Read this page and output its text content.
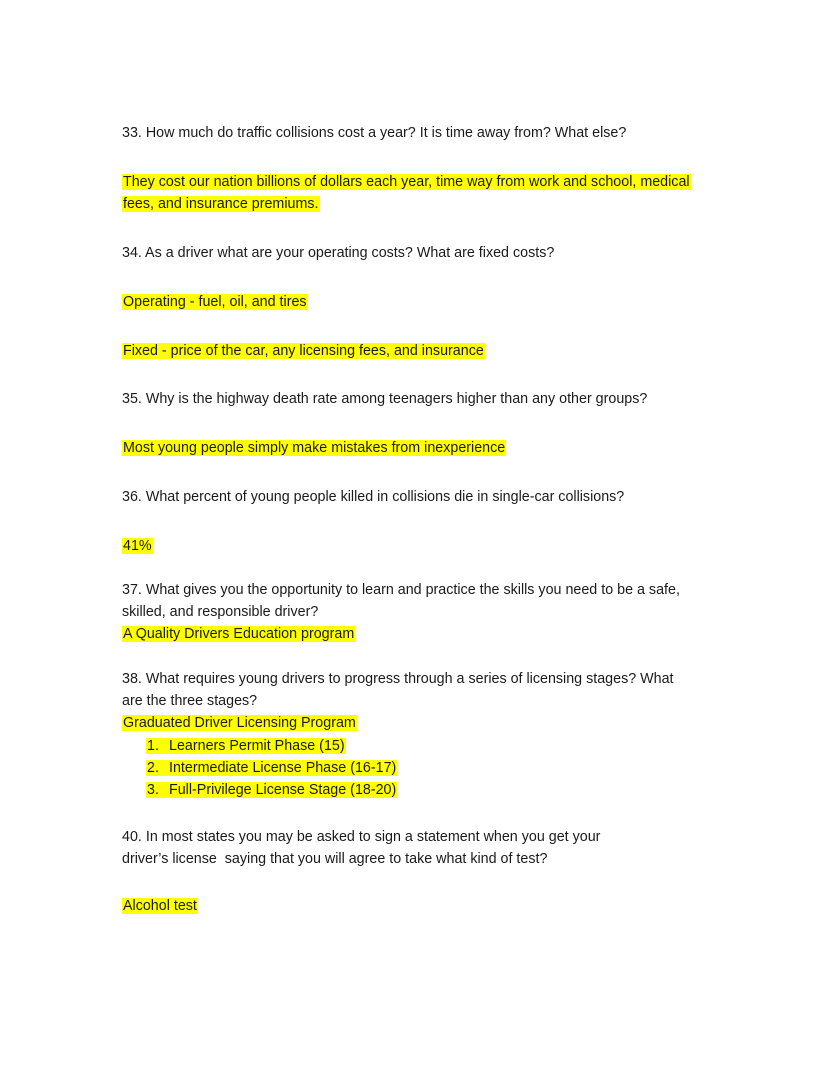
33. How much do traffic collisions cost a year? It is time away from? What else?
They cost our nation billions of dollars each year, time way from work and school, medical
fees, and insurance premiums.
34. As a driver what are your operating costs? What are fixed costs?
Operating - fuel, oil, and tires
Fixed - price of the car, any licensing fees, and insurance
35. Why is the highway death rate among teenagers higher than any other groups?
Most young people simply make mistakes from inexperience
36. What percent of young people killed in collisions die in single-car collisions?
41%
37. What gives you the opportunity to learn and practice the skills you need to be a safe,
skilled, and responsible driver?
A Quality Drivers Education program
38. What requires young drivers to progress through a series of licensing stages? What
are the three stages?
Graduated Driver Licensing Program
1. Learners Permit Phase (15)
2. Intermediate License Phase (16-17)
3. Full-Privilege License Stage (18-20)
40. In most states you may be asked to sign a statement when you get your
driver’s license  saying that you will agree to take what kind of test?
Alcohol test
